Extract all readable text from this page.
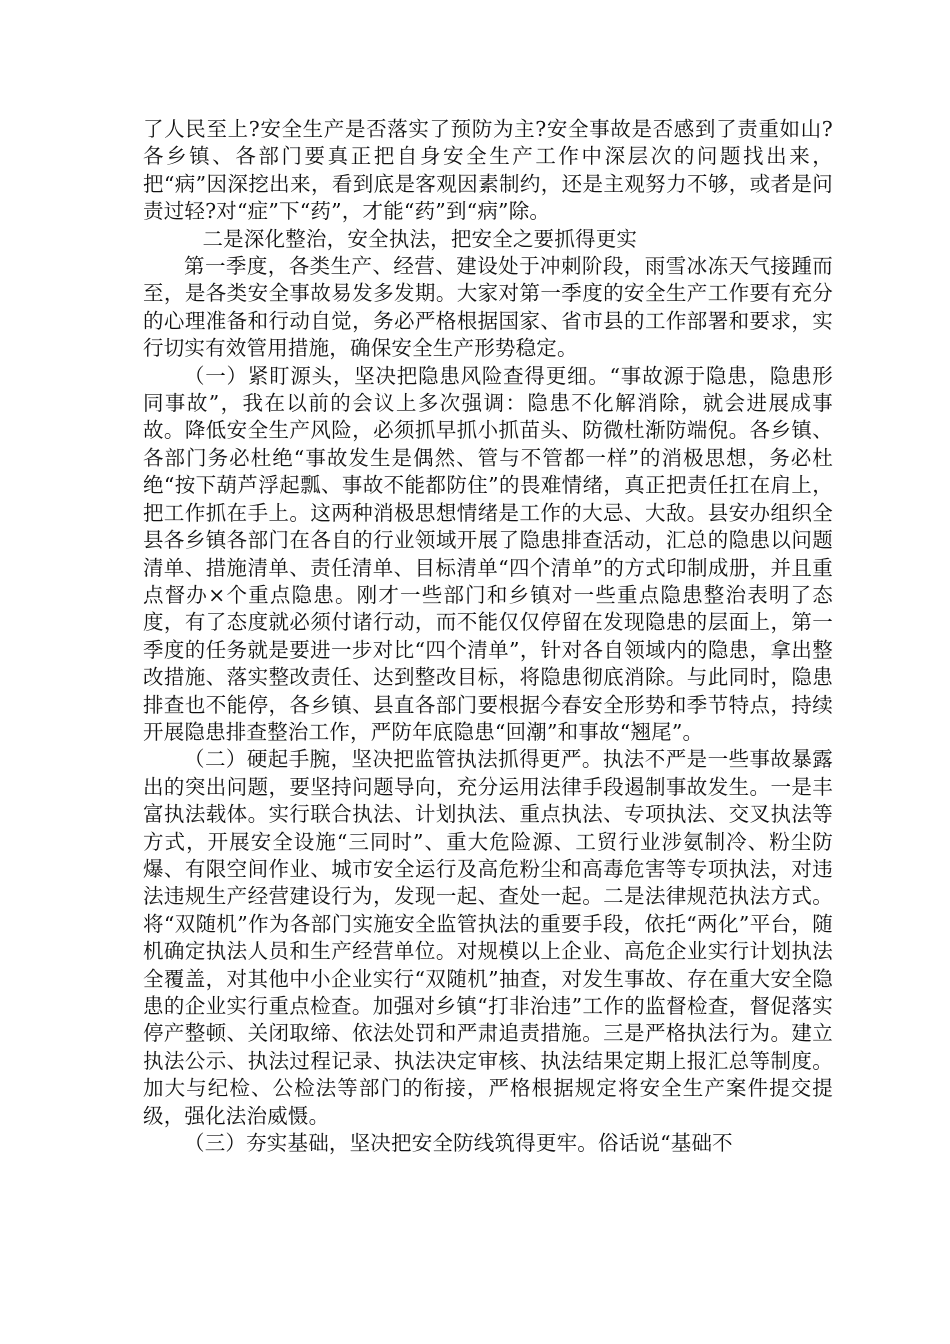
了人民至上?安全生产是否落实了预防为主?安全事故是否感到了责重如山?各乡镇、各部门要真正把自身安全生产工作中深层次的问题找出来，把“病”因深挖出来，看到底是客观因素制约，还是主观努力不够，或者是问责过轻?对“症”下“药”，才能“药”到“病”除。

二是深化整治，安全执法，把安全之要抓得更实

第一季度，各类生产、经营、建设处于冲刺阶段，雨雪冰冻天气接踵而至，是各类安全事故易发多发期。大家对第一季度的安全生产工作要有充分的心理准备和行动自觉，务必严格根据国家、省市县的工作部署和要求，实行切实有效管用措施，确保安全生产形势稳定。

（一）紧盯源头，坚决把隐患风险查得更细。“事故源于隐患，隐患形同事故”，我在以前的会议上多次强调：隐患不化解消除，就会进展成事故。降低安全生产风险，必须抓早抓小抓苗头、防微杜渐防端倪。各乡镇、各部门务必杜绝“事故发生是偶然、管与不管都一样”的消极思想，务必杜绝“按下葫芦浮起瓢、事故不能都防住”的畏难情绪，真正把责任扛在肩上，把工作抓在手上。这两种消极思想情绪是工作的大忌、大敌。县安办组织全县各乡镇各部门在各自的行业领域开展了隐患排查活动，汇总的隐患以问题清单、措施清单、责任清单、目标清单“四个清单”的方式印制成册，并且重点督办×个重点隐患。刚才一些部门和乡镇对一些重点隐患整治表明了态度，有了态度就必须付诸行动，而不能仅仅停留在发现隐患的层面上，第一季度的任务就是要进一步对比“四个清单”，针对各自领域内的隐患，拿出整改措施、落实整改责任、达到整改目标，将隐患彻底消除。与此同时，隐患排查也不能停，各乡镇、县直各部门要根据今春安全形势和季节特点，持续开展隐患排查整治工作，严防年底隐患“回潮”和事故“翘尾”。

（二）硬起手腕，坚决把监管执法抓得更严。执法不严是一些事故暴露出的突出问题，要坚持问题导向，充分运用法律手段遏制事故发生。一是丰富执法载体。实行联合执法、计划执法、重点执法、专项执法、交叉执法等方式，开展安全设施“三同时”、重大危险源、工贸行业涉氨制冷、粉尘防爆、有限空间作业、城市安全运行及高危粉尘和高毒危害等专项执法，对违法违规生产经营建设行为，发现一起、查处一起。二是法律规范执法方式。将“双随机”作为各部门实施安全监管执法的重要手段，依托“两化”平台，随机确定执法人员和生产经营单位。对规模以上企业、高危企业实行计划执法全覆盖，对其他中小企业实行“双随机”抽查，对发生事故、存在重大安全隐患的企业实行重点检查。加强对乡镇“打非治违”工作的监督检查，督促落实停产整顿、关闭取缔、依法处罚和严肃追责措施。三是严格执法行为。建立执法公示、执法过程记录、执法决定审核、执法结果定期上报汇总等制度。加大与纪检、公检法等部门的衔接，严格根据规定将安全生产案件提交提级，强化法治威慑。

（三）夯实基础，坚决把安全防线筑得更牢。俗话说“基础不
